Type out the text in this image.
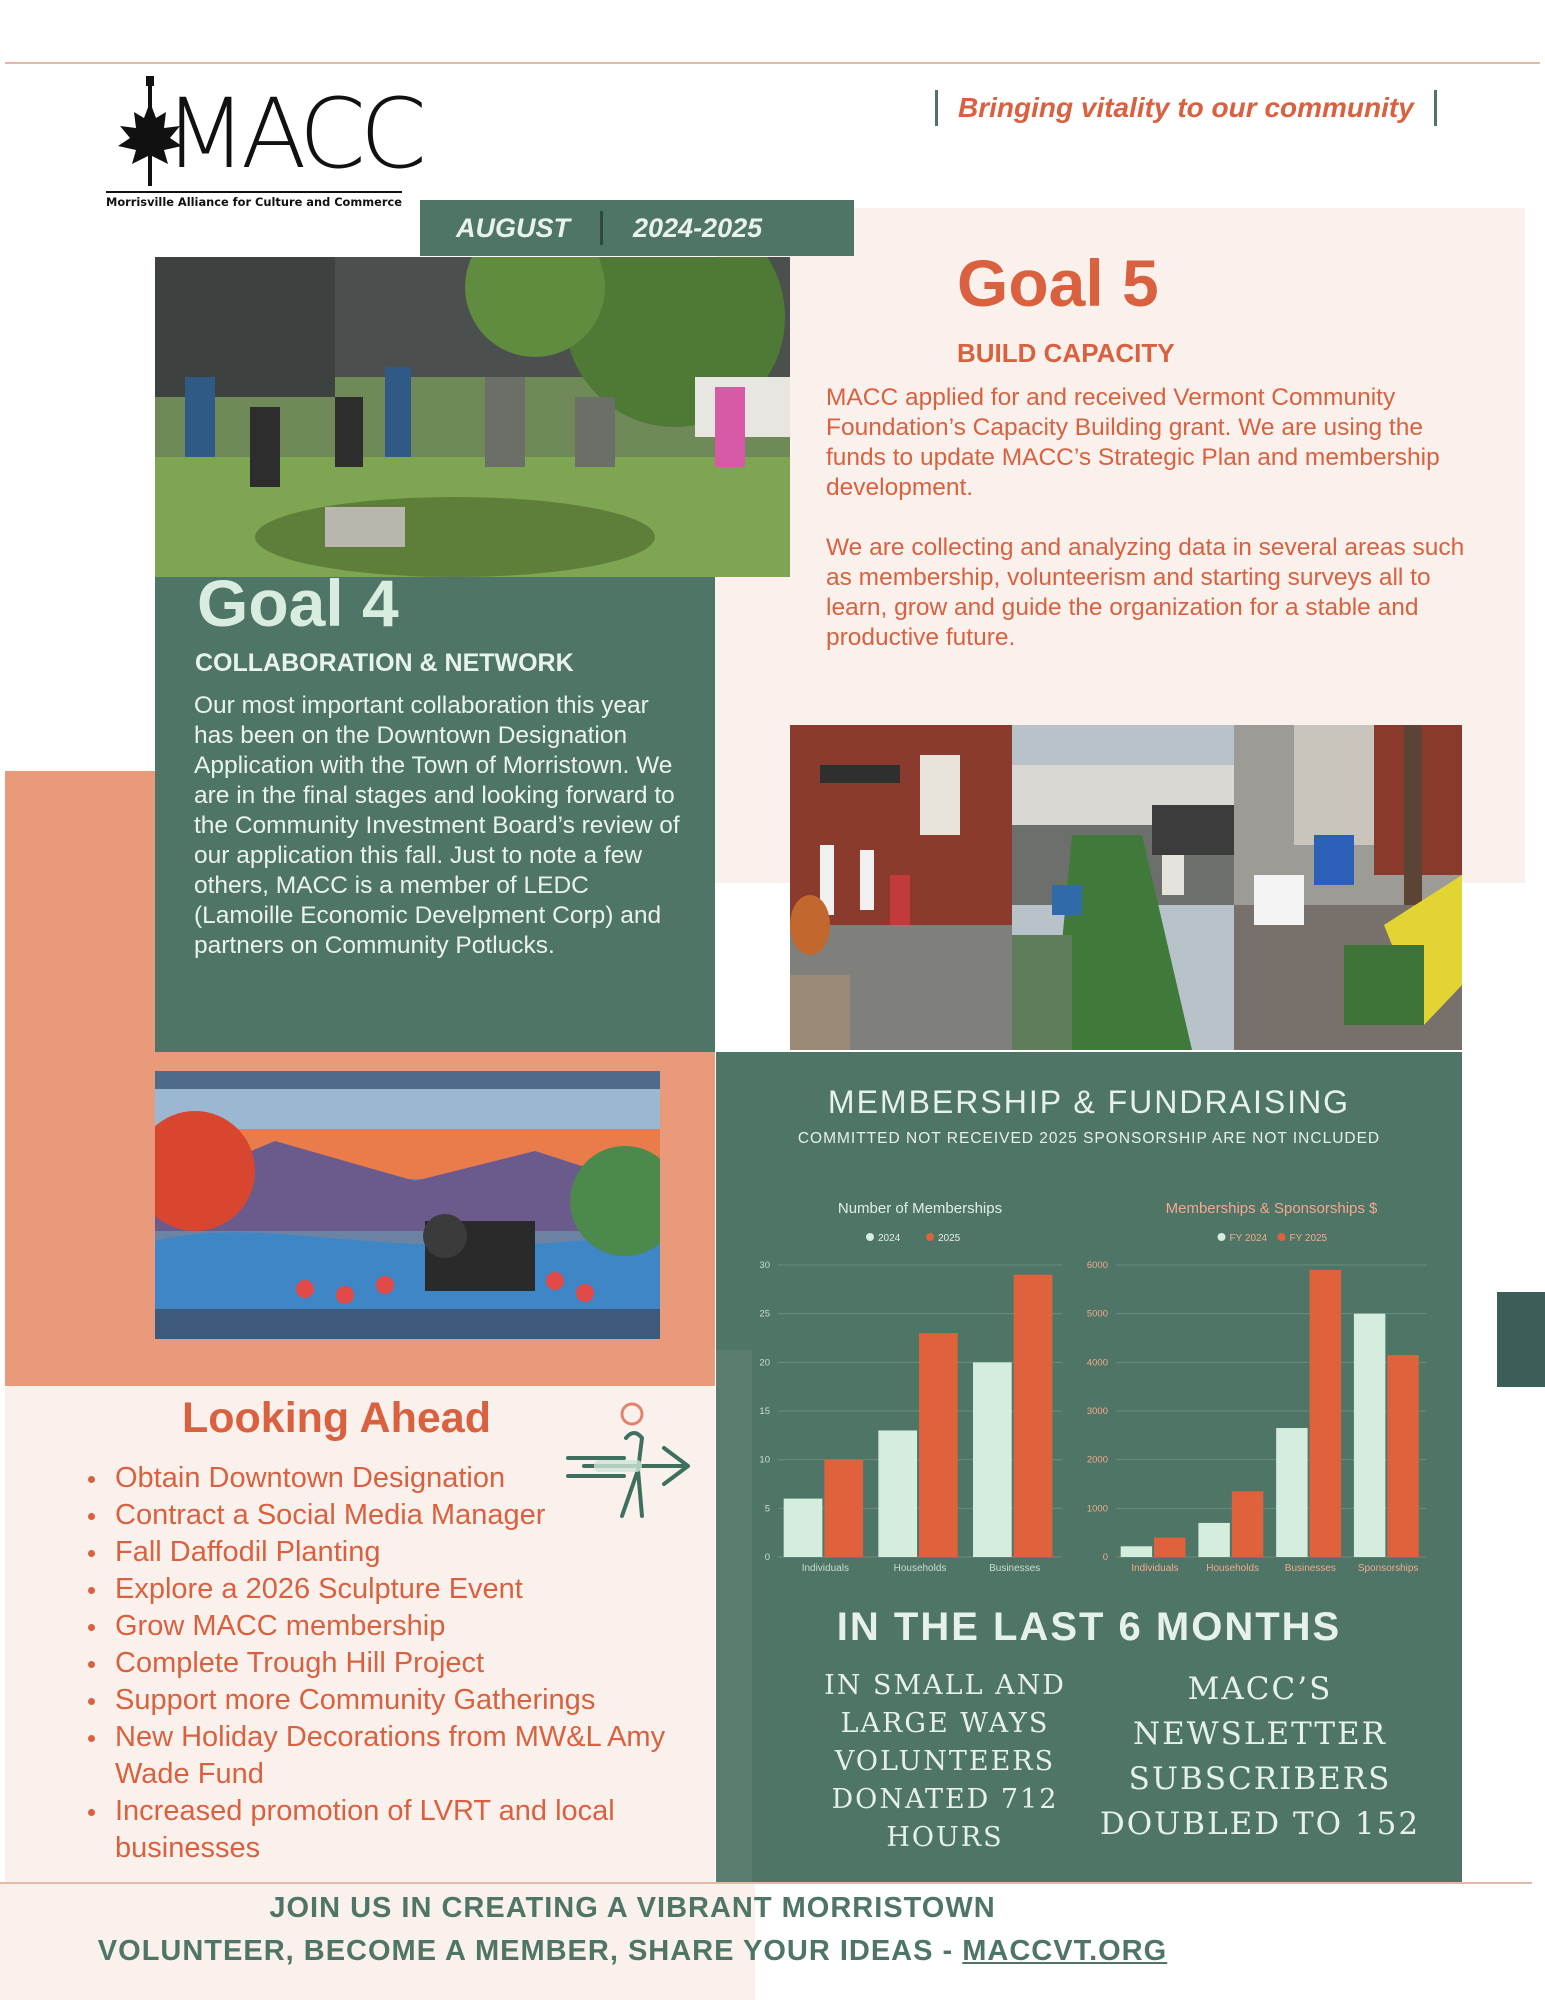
MACC
Morrisville Alliance for Culture and Commerce
Bringing vitality to our community
AUGUST 2024-2025
Goal 5
BUILD CAPACITY

MACC applied for and received Vermont Community Foundation’s Capacity Building grant. We are using the funds to update MACC’s Strategic Plan and membership development.

We are collecting and analyzing data in several areas such as membership, volunteerism and starting surveys all to learn, grow and guide the organization for a stable and productive future.

Goal 4
COLLABORATION & NETWORK
Our most important collaboration this year has been on the Downtown Designation Application with the Town of Morristown. We are in the final stages and looking forward to the Community Investment Board’s review of our application this fall. Just to note a few others, MACC is a member of LEDC (Lamoille Economic Develpment Corp) and partners on Community Potlucks.
Looking Ahead
Obtain Downtown Designation
Contract a Social Media Manager
Fall Daffodil Planting
Explore a 2026 Sculpture Event
Grow MACC membership
Complete Trough Hill Project
Support more Community Gatherings
New Holiday Decorations from MW&L Amy Wade Fund
Increased promotion of LVRT and local businesses
MEMBERSHIP & FUNDRAISING
COMMITTED NOT RECEIVED 2025 SPONSORSHIP ARE NOT INCLUDED
Number of Memberships
2024	2025
0
5
10
15
20
25
30
Individuals	Households	Businesses
Memberships & Sponsorships $
FY 2024 FY 2025
0
1000
2000
3000
4000
5000
6000
Individuals	Households	Businesses Sponsorships
IN THE LAST 6 MONTHS
IN SMALL AND
LARGE WAYS
VOLUNTEERS
DONATED 712
HOURS
MACC’S
NEWSLETTER
SUBSCRIBERS
DOUBLED TO 152
JOIN US IN CREATING A VIBRANT MORRISTOWN
VOLUNTEER, BECOME A MEMBER, SHARE YOUR IDEAS - MACCVT.ORG
